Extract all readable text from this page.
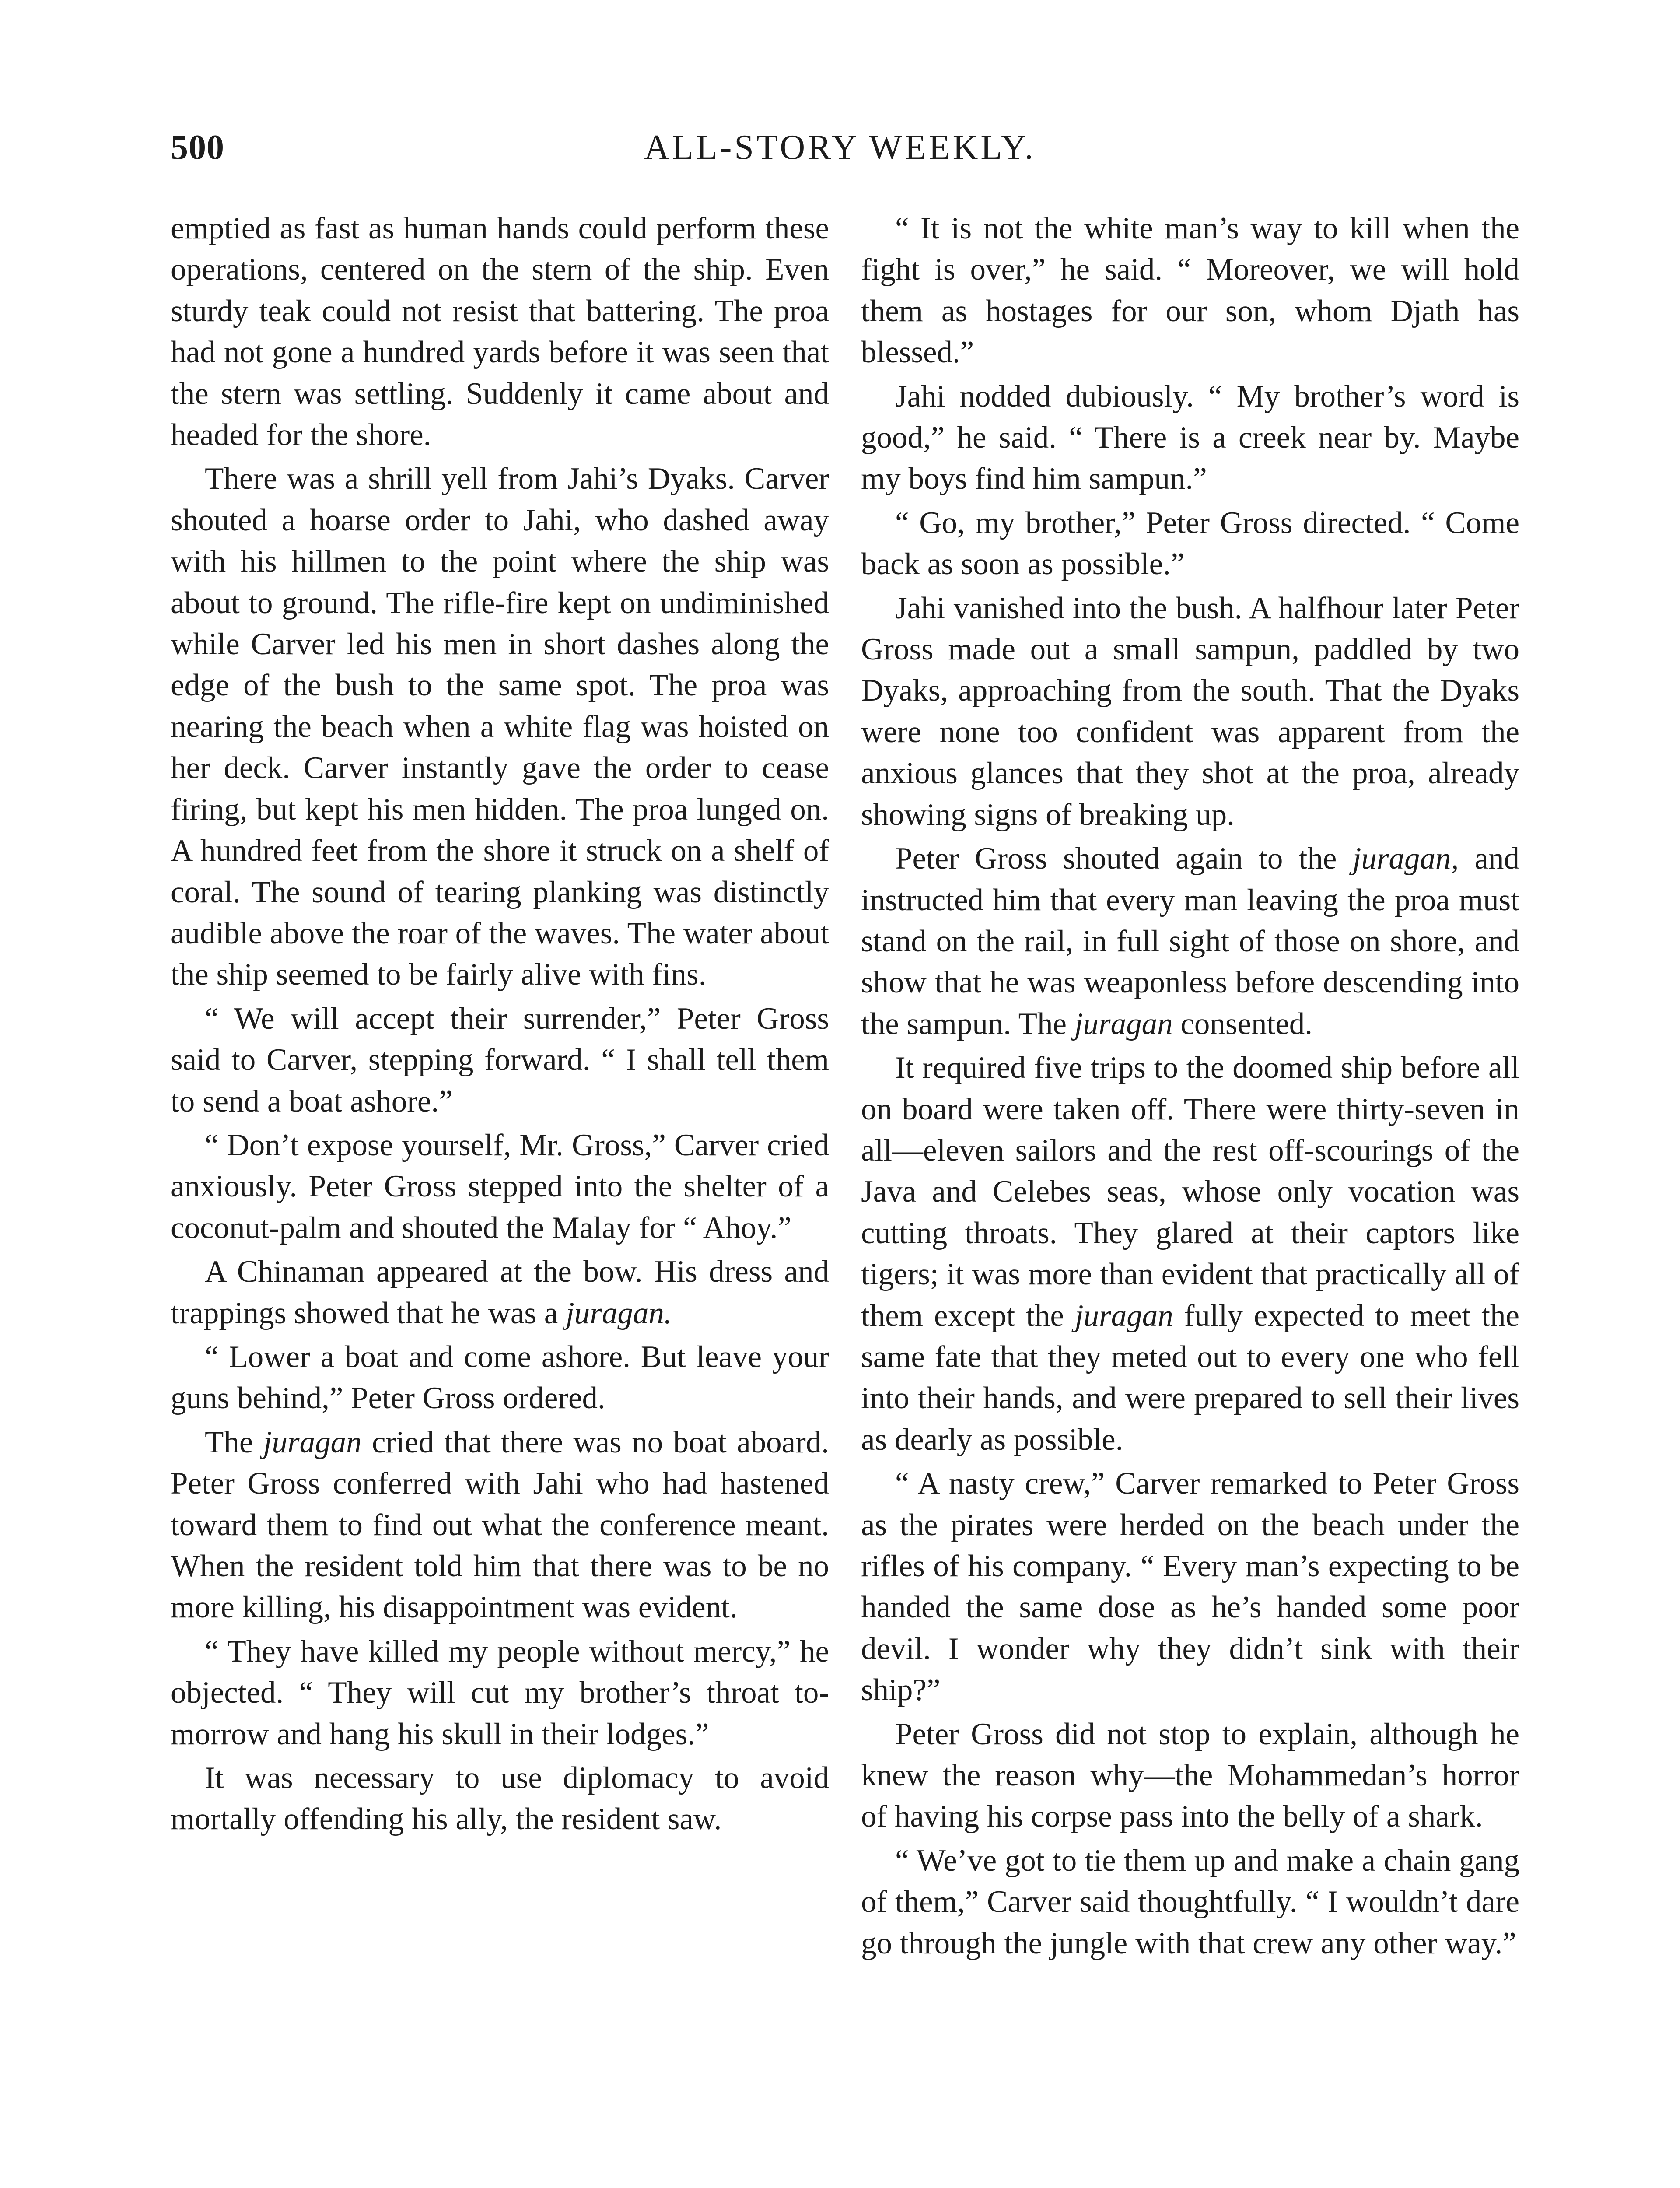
500	ALL-STORY WEEKLY.

emptied as fast as human hands could perform these operations, centered on the stern of the ship. Even sturdy teak could not resist that battering. The proa had not gone a hundred yards before it was seen that the stern was settling. Suddenly it came about and headed for the shore.

There was a shrill yell from Jahi’s Dyaks. Carver shouted a hoarse order to Jahi, who dashed away with his hillmen to the point where the ship was about to ground. The rifle-fire kept on undiminished while Carver led his men in short dashes along the edge of the bush to the same spot. The proa was nearing the beach when a white flag was hoisted on her deck. Carver instantly gave the order to cease firing, but kept his men hidden. The proa lunged on. A hundred feet from the shore it struck on a shelf of coral. The sound of tearing planking was distinctly audible above the roar of the waves. The water about the ship seemed to be fairly alive with fins.

“ We will accept their surrender,” Peter Gross said to Carver, stepping forward. “ I shall tell them to send a boat ashore.”

“ Don’t expose yourself, Mr. Gross,” Carver cried anxiously. Peter Gross stepped into the shelter of a coconut-palm and shouted the Malay for “ Ahoy.”

A Chinaman appeared at the bow. His dress and trappings showed that he was a juragan.

“ Lower a boat and come ashore. But leave your guns behind,” Peter Gross ordered.

The juragan cried that there was no boat aboard. Peter Gross conferred with Jahi who had hastened toward them to find out what the conference meant. When the resident told him that there was to be no more killing, his disappointment was evident.

“ They have killed my people without mercy,” he objected. “ They will cut my brother’s throat to-morrow and hang his skull in their lodges.”

It was necessary to use diplomacy to avoid mortally offending his ally, the resident saw.

“ It is not the white man’s way to kill when the fight is over,” he said. “ Moreover, we will hold them as hostages for our son, whom Djath has blessed.”

Jahi nodded dubiously. “ My brother’s word is good,” he said. “ There is a creek near by. Maybe my boys find him sampun.”

“ Go, my brother,” Peter Gross directed. “ Come back as soon as possible.”

Jahi vanished into the bush. A halfhour later Peter Gross made out a small sampun, paddled by two Dyaks, approaching from the south. That the Dyaks were none too confident was apparent from the anxious glances that they shot at the proa, already showing signs of breaking up.

Peter Gross shouted again to the juragan, and instructed him that every man leaving the proa must stand on the rail, in full sight of those on shore, and show that he was weaponless before descending into the sampun. The juragan consented.

It required five trips to the doomed ship before all on board were taken off. There were thirty-seven in all—eleven sailors and the rest off-scourings of the Java and Celebes seas, whose only vocation was cutting throats. They glared at their captors like tigers; it was more than evident that practically all of them except the juragan fully expected to meet the same fate that they meted out to every one who fell into their hands, and were prepared to sell their lives as dearly as possible.

“ A nasty crew,” Carver remarked to Peter Gross as the pirates were herded on the beach under the rifles of his company. “ Every man’s expecting to be handed the same dose as he’s handed some poor devil. I wonder why they didn’t sink with their ship?”

Peter Gross did not stop to explain, although he knew the reason why—the Mohammedan’s horror of having his corpse pass into the belly of a shark.

“ We’ve got to tie them up and make a chain gang of them,” Carver said thoughtfully. “ I wouldn’t dare go through the jungle with that crew any other way.”
